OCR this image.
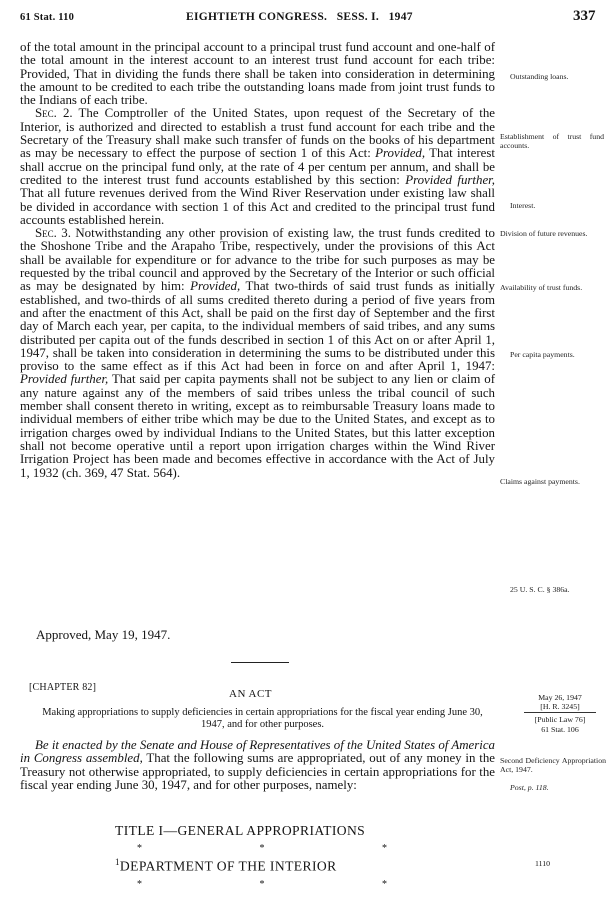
61 Stat. 110	EIGHTIETH CONGRESS.   SESS. I.   1947	337

of the total amount in the principal account to a principal trust fund account and one-half of the total amount in the interest account to an interest trust fund account for each tribe: Provided, That in dividing the funds there shall be taken into consideration in determining the amount to be credited to each tribe the outstanding loans made from joint trust funds to the Indians of each tribe.

Sec. 2. The Comptroller of the United States, upon request of the Secretary of the Interior, is authorized and directed to establish a trust fund account for each tribe and the Secretary of the Treasury shall make such transfer of funds on the books of his department as may be necessary to effect the purpose of section 1 of this Act: Provided, That interest shall accrue on the principal fund only, at the rate of 4 per centum per annum, and shall be credited to the interest trust fund accounts established by this section: Provided further, That all future revenues derived from the Wind River Reservation under existing law shall be divided in accordance with section 1 of this Act and credited to the principal trust fund accounts established herein.

Sec. 3. Notwithstanding any other provision of existing law, the trust funds credited to the Shoshone Tribe and the Arapaho Tribe, respectively, under the provisions of this Act shall be available for expenditure or for advance to the tribe for such purposes as may be requested by the tribal council and approved by the Secretary of the Interior or such official as may be designated by him: Provided, That two-thirds of said trust funds as initially established, and two-thirds of all sums credited thereto during a period of five years from and after the enactment of this Act, shall be paid on the first day of September and the first day of March each year, per capita, to the individual members of said tribes, and any sums distributed per capita out of the funds described in section 1 of this Act on or after April 1, 1947, shall be taken into consideration in determining the sums to be distributed under this proviso to the same effect as if this Act had been in force on and after April 1, 1947: Provided further, That said per capita payments shall not be subject to any lien or claim of any nature against any of the members of said tribes unless the tribal council of such member shall consent thereto in writing, except as to reimbursable Treasury loans made to individual members of either tribe which may be due to the United States, and except as to irrigation charges owed by individual Indians to the United States, but this latter exception shall not become operative until a report upon irrigation charges within the Wind River Irrigation Project has been made and becomes effective in accordance with the Act of July 1, 1932 (ch. 369, 47 Stat. 564).

Approved, May 19, 1947.
[CHAPTER 82]
AN ACT
Making appropriations to supply deficiencies in certain appropriations for the fiscal year ending June 30, 1947, and for other purposes.
Be it enacted by the Senate and House of Representatives of the United States of America in Congress assembled, That the following sums are appropriated, out of any money in the Treasury not otherwise appropriated, to supply deficiencies in certain appropriations for the fiscal year ending June 30, 1947, and for other purposes, namely:
TITLE I—GENERAL APPROPRIATIONS
*	*	*
$^1$DEPARTMENT OF THE INTERIOR
*	*	*
Outstanding loans.
Establishment of trust fund accounts.
Interest.
Division of future revenues.
Availability of trust funds.
Per capita payments.
Claims against payments.
25 U. S. C. § 386a.
May 26, 1947
[H. R. 3245]
[Public Law 76]
61 Stat. 106
Second Deficiency Appropriation Act, 1947.
Post, p. 118.
1110
